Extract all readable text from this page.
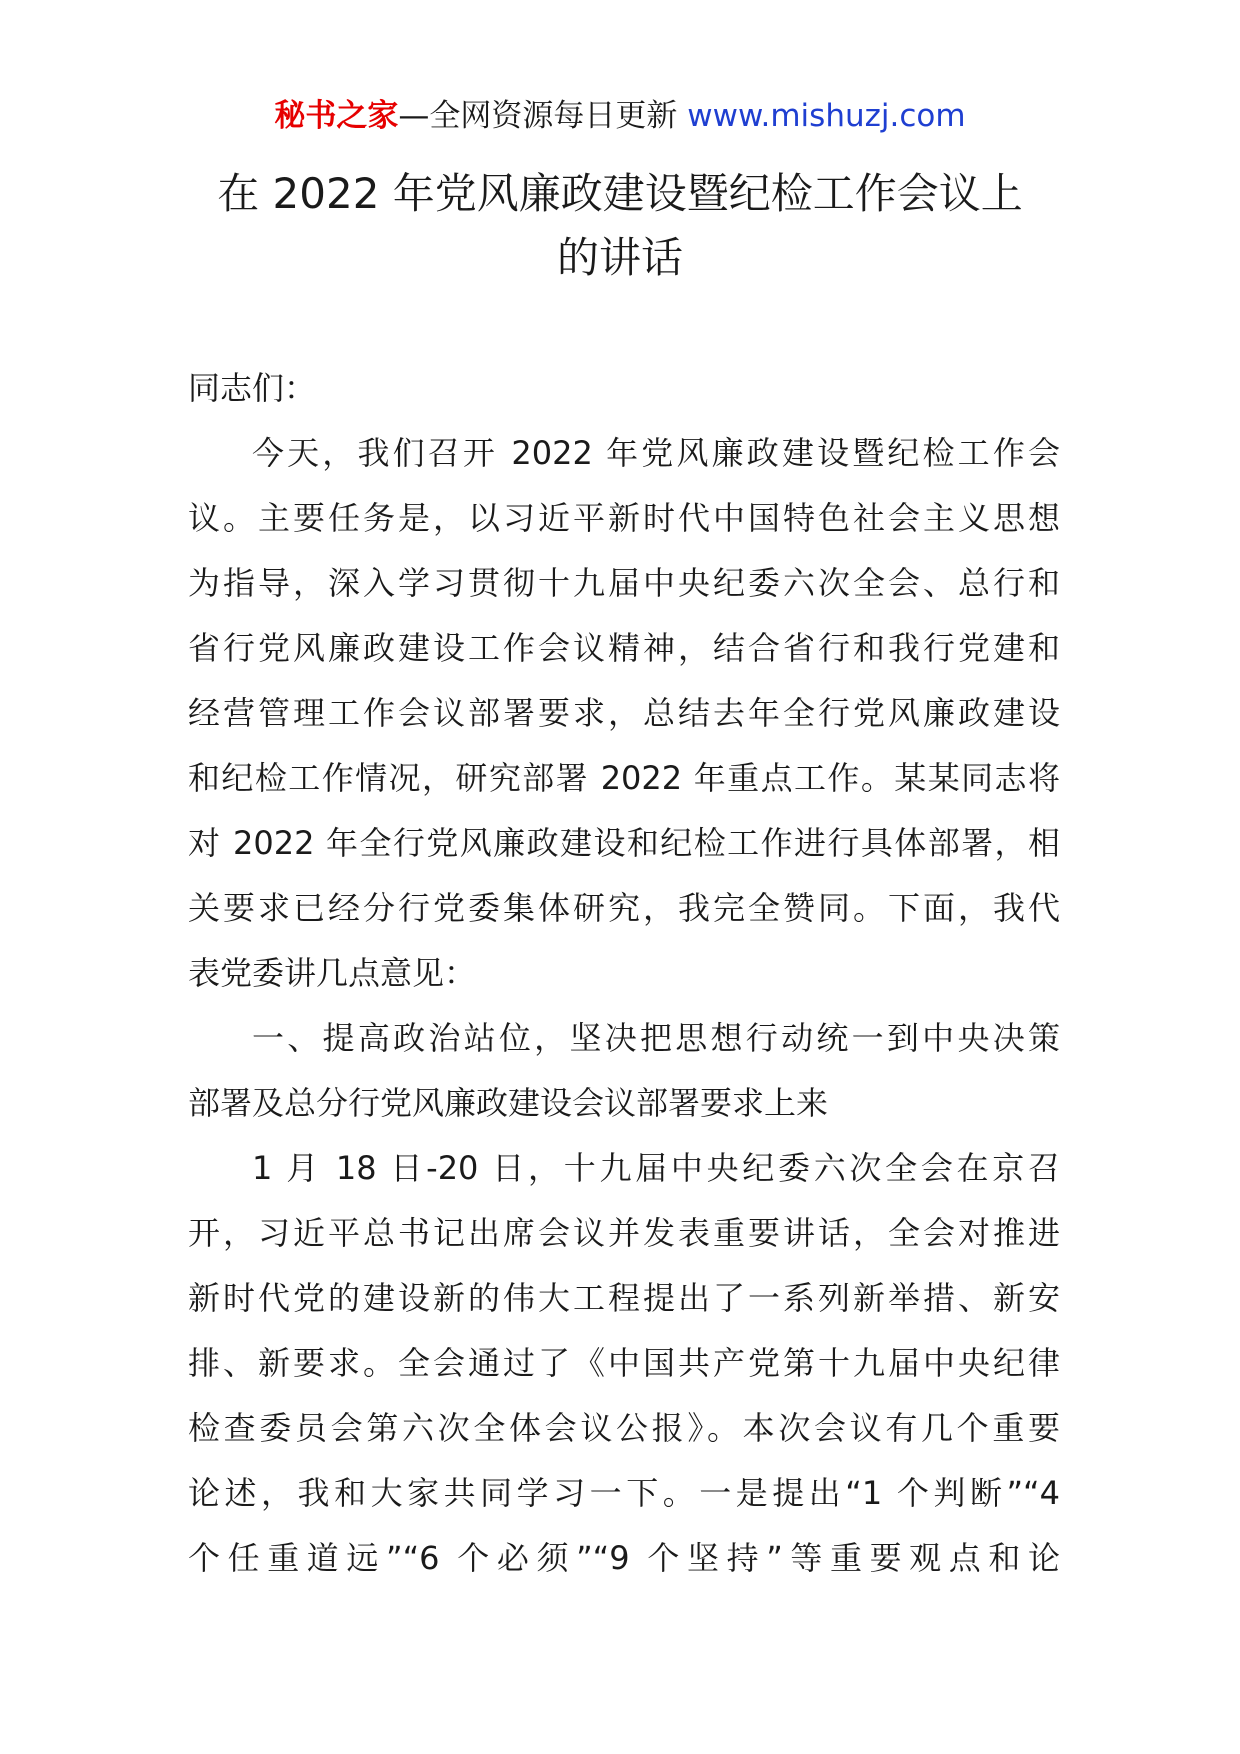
秘书之家—全网资源每日更新 www.mishuzj.com
在 2022 年党风廉政建设暨纪检工作会议上
的讲话
同志们：
今天，我们召开 2022 年党风廉政建设暨纪检工作会
议。主要任务是，以习近平新时代中国特色社会主义思想
为指导，深入学习贯彻十九届中央纪委六次全会、总行和
省行党风廉政建设工作会议精神，结合省行和我行党建和
经营管理工作会议部署要求，总结去年全行党风廉政建设
和纪检工作情况，研究部署 2022 年重点工作。某某同志将
对 2022 年全行党风廉政建设和纪检工作进行具体部署，相
关要求已经分行党委集体研究，我完全赞同。下面，我代
表党委讲几点意见：
一、提高政治站位，坚决把思想行动统一到中央决策
部署及总分行党风廉政建设会议部署要求上来
1 月 18 日-20 日，十九届中央纪委六次全会在京召
开，习近平总书记出席会议并发表重要讲话，全会对推进
新时代党的建设新的伟大工程提出了一系列新举措、新安
排、新要求。全会通过了《中国共产党第十九届中央纪律
检查委员会第六次全体会议公报》。本次会议有几个重要
论述，我和大家共同学习一下。一是提出“1 个判断”“4
个任重道远”“6 个必须”“9 个坚持”等重要观点和论
